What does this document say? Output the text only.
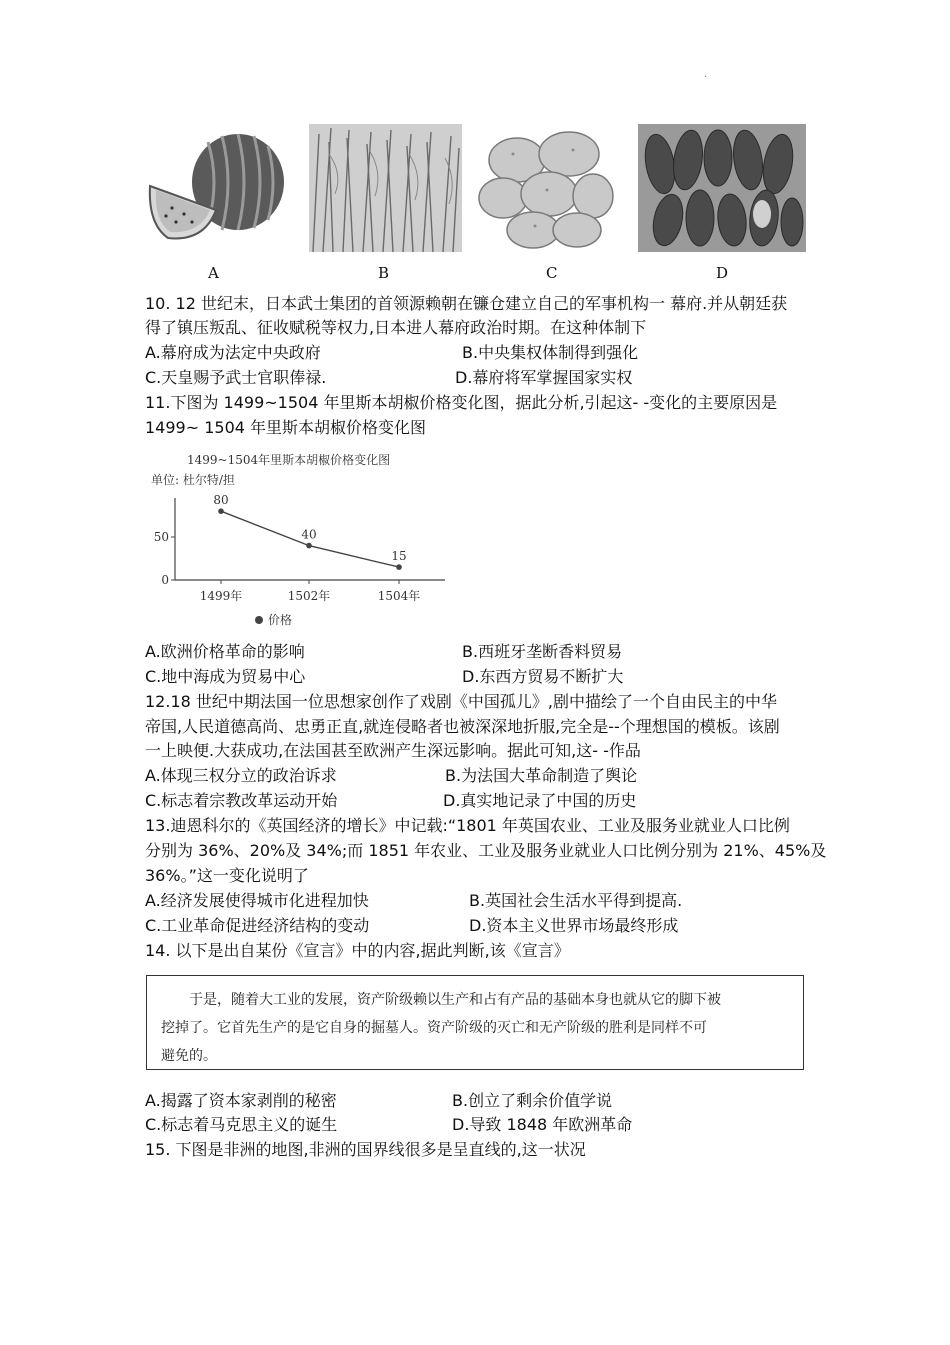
·
A	B	C	D
10. 12 世纪末，日本武士集团的首领源赖朝在镰仓建立自己的军事机构一 幕府.并从朝廷获
得了镇压叛乱、征收赋税等权力,日本进人幕府政治时期。在这种体制下
A.幕府成为法定中央政府	B.中央集权体制得到强化
C.天皇赐予武士官职俸禄.	D.幕府将军掌握国家实权
11.下图为 1499~1504 年里斯本胡椒价格变化图，据此分析,引起这- -变化的主要原因是
1499~ 1504 年里斯本胡椒价格变化图
1499~1504年里斯本胡椒价格变化图
单位: 杜尔特/担
0
50
1499年	1502年	1504年
80
40
15
价格
A.欧洲价格革命的影响	B.西班牙垄断香料贸易
C.地中海成为贸易中心	D.东西方贸易不断扩大
12.18 世纪中期法国一位思想家创作了戏剧《中国孤儿》,剧中描绘了一个自由民主的中华
帝国,人民道德高尚、忠勇正直,就连侵略者也被深深地折服,完全是--个理想国的模板。该剧
一上映便.大获成功,在法国甚至欧洲产生深远影响。据此可知,这- -作品
A.体现三权分立的政治诉求	B.为法国大革命制造了舆论
C.标志着宗教改革运动开始	D.真实地记录了中国的历史
13.迪恩科尔的《英国经济的增长》中记载:“1801 年英国农业、工业及服务业就业人口比例
分别为 36%、20%及 34%;而 1851 年农业、工业及服务业就业人口比例分别为 21%、45%及
36%。”这一变化说明了
A.经济发展使得城市化进程加快	B.英国社会生活水平得到提高.
C.工业革命促进经济结构的变动	D.资本主义世界市场最终形成
14. 以下是出自某份《宣言》中的内容,据此判断,该《宣言》
于是，随着大工业的发展，资产阶级赖以生产和占有产品的基础本身也就从它的脚下被
挖掉了。它首先生产的是它自身的掘墓人。资产阶级的灭亡和无产阶级的胜利是同样不可
避免的。
A.揭露了资本家剥削的秘密	B.创立了剩余价值学说
C.标志着马克思主义的诞生	D.导致 1848 年欧洲革命
15. 下图是非洲的地图,非洲的国界线很多是呈直线的,这一状况
